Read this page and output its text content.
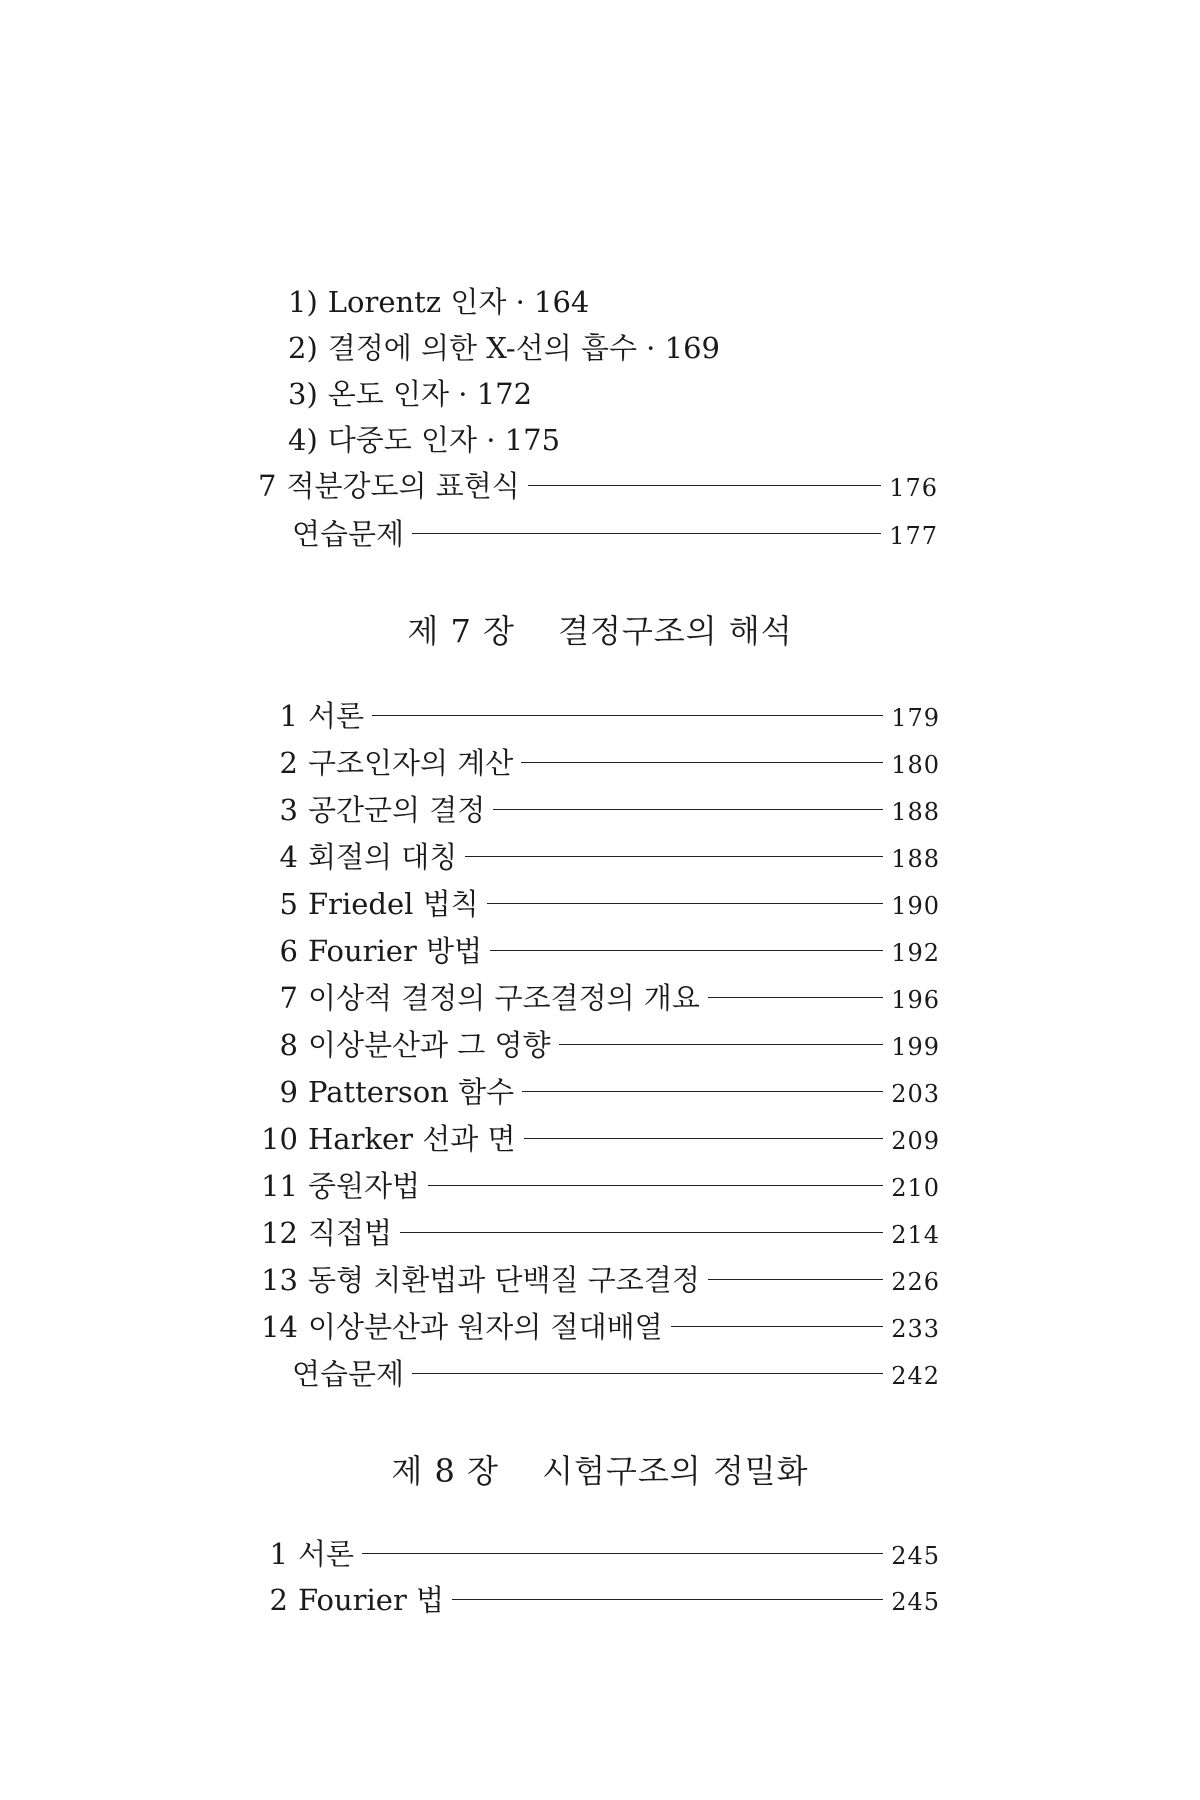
1) Lorentz 인자 · 164
2) 결정에 의한 X-선의 흡수 · 169
3) 온도 인자 · 172
4) 다중도 인자 · 175
7 적분강도의 표현식	176
연습문제	177
제 7 장 결정구조의 해석
1 서론	179
2 구조인자의 계산	180
3 공간군의 결정	188
4 회절의 대칭	188
5 Friedel 법칙	190
6 Fourier 방법	192
7 이상적 결정의 구조결정의 개요	196
8 이상분산과 그 영향	199
9 Patterson 함수	203
10 Harker 선과 면	209
11 중원자법	210
12 직접법	214
13 동형 치환법과 단백질 구조결정	226
14 이상분산과 원자의 절대배열	233
연습문제	242
제 8 장 시험구조의 정밀화
1 서론	245
2 Fourier 법	245
